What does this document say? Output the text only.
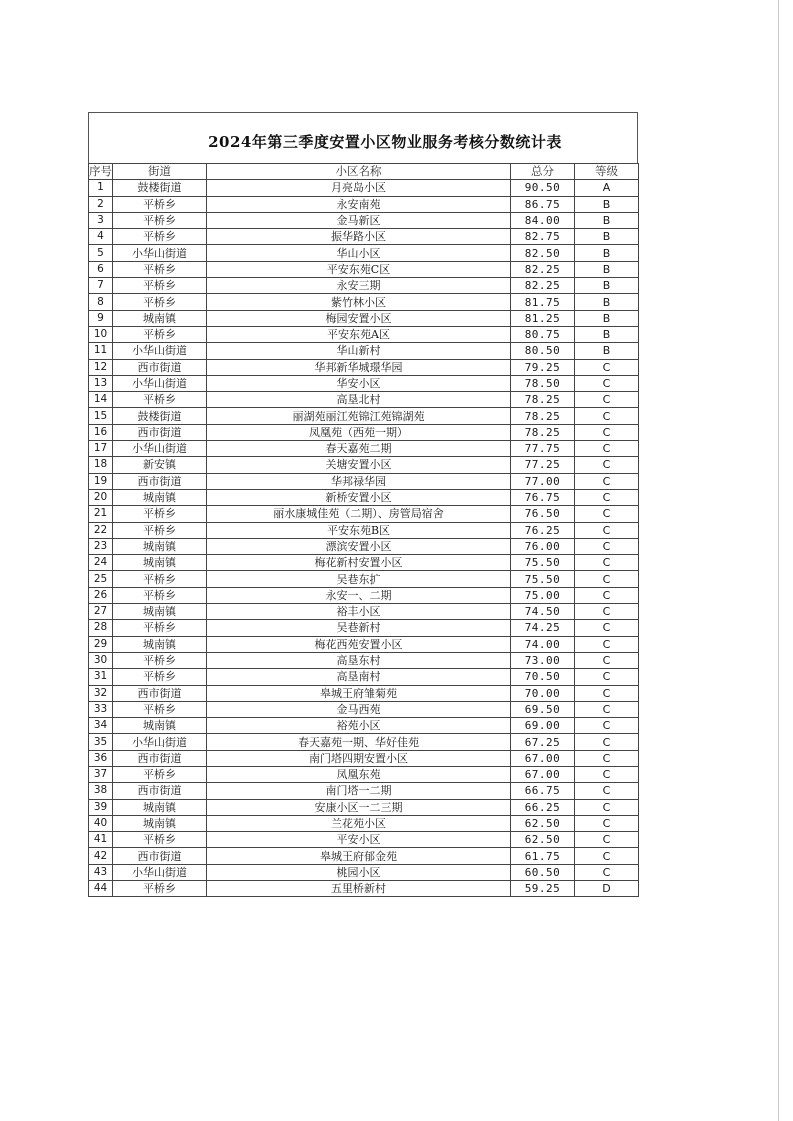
2024年第三季度安置小区物业服务考核分数统计表
序号	街道	小区名称	总分	等级
1	鼓楼街道	月亮岛小区	90.50	A
2	平桥乡	永安南苑	86.75	B
3	平桥乡	金马新区	84.00	B
4	平桥乡	振华路小区	82.75	B
5	小华山街道	华山小区	82.50	B
6	平桥乡	平安东苑C区	82.25	B
7	平桥乡	永安三期	82.25	B
8	平桥乡	紫竹林小区	81.75	B
9	城南镇	梅园安置小区	81.25	B
10	平桥乡	平安东苑A区	80.75	B
11	小华山街道	华山新村	80.50	B
12	西市街道	华邦新华城璟华园	79.25	C
13	小华山街道	华安小区	78.50	C
14	平桥乡	高垦北村	78.25	C
15	鼓楼街道	丽湖苑丽江苑锦江苑锦湖苑	78.25	C
16	西市街道	凤凰苑（西苑一期）	78.25	C
17	小华山街道	春天嘉苑二期	77.75	C
18	新安镇	关塘安置小区	77.25	C
19	西市街道	华邦禄华园	77.00	C
20	城南镇	新桥安置小区	76.75	C
21	平桥乡	丽水康城佳苑（二期）、房管局宿舍	76.50	C
22	平桥乡	平安东苑B区	76.25	C
23	城南镇	漂滨安置小区	76.00	C
24	城南镇	梅花新村安置小区	75.50	C
25	平桥乡	吴巷东扩	75.50	C
26	平桥乡	永安一、二期	75.00	C
27	城南镇	裕丰小区	74.50	C
28	平桥乡	吴巷新村	74.25	C
29	城南镇	梅花西苑安置小区	74.00	C
30	平桥乡	高垦东村	73.00	C
31	平桥乡	高垦南村	70.50	C
32	西市街道	皋城王府雏菊苑	70.00	C
33	平桥乡	金马西苑	69.50	C
34	城南镇	裕苑小区	69.00	C
35	小华山街道	春天嘉苑一期、华好佳苑	67.25	C
36	西市街道	南门塔四期安置小区	67.00	C
37	平桥乡	凤凰东苑	67.00	C
38	西市街道	南门塔一二期	66.75	C
39	城南镇	安康小区一二三期	66.25	C
40	城南镇	兰花苑小区	62.50	C
41	平桥乡	平安小区	62.50	C
42	西市街道	皋城王府郁金苑	61.75	C
43	小华山街道	桃园小区	60.50	C
44	平桥乡	五里桥新村	59.25	D
